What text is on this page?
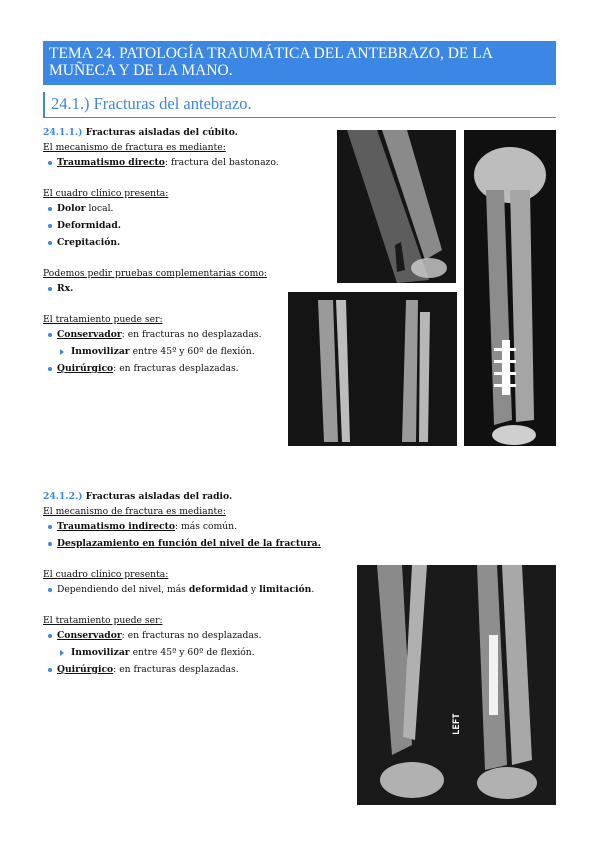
TEMA 24. PATOLOGÍA TRAUMÁTICA DEL ANTEBRAZO, DE LA MUÑECA Y DE LA MANO.
24.1.) Fracturas del antebrazo.
24.1.1.) Fracturas aisladas del cúbito.
El mecanismo de fractura es mediante:
Traumatismo directo: fractura del bastonazo.
El cuadro clínico presenta:
Dolor local.
Deformidad.
Crepitación.
Podemos pedir pruebas complementarias como:
Rx.
El tratamiento puede ser:
Conservador: en fracturas no desplazadas.
Inmovilizar entre 45º y 60º de flexión.
Quirúrgico: en fracturas desplazadas.
24.1.2.) Fracturas aisladas del radio.
El mecanismo de fractura es mediante:
Traumatismo indirecto: más común.
Desplazamiento en función del nivel de la fractura.
El cuadro clínico presenta:
Dependiendo del nivel, más deformidad y limitación.
El tratamiento puede ser:
Conservador: en fracturas no desplazadas.
Inmovilizar entre 45º y 60º de flexión.
Quirúrgico: en fracturas desplazadas.
LEFT
